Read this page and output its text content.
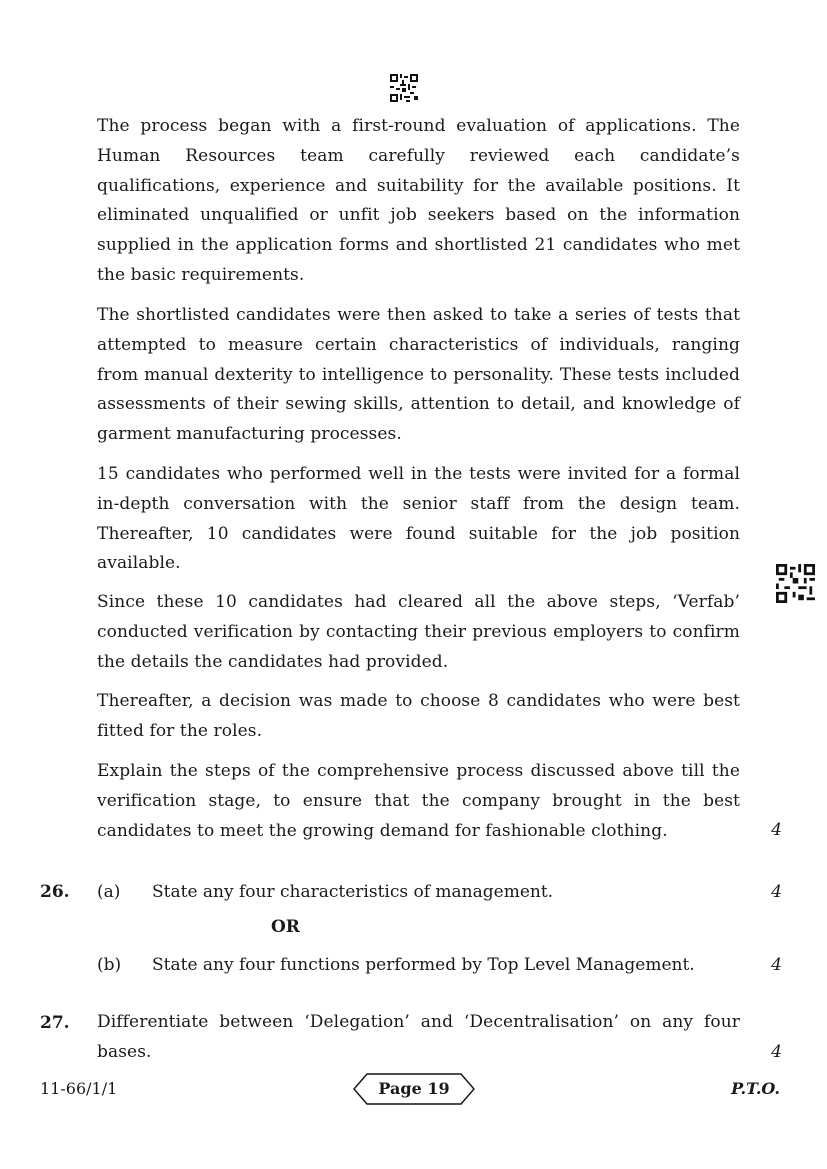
The process began with a first-round evaluation of applications. The Human Resources team carefully reviewed each candidate’s qualifications, experience and suitability for the available positions. It eliminated unqualified or unfit job seekers based on the information supplied in the application forms and shortlisted 21 candidates who met the basic requirements.

The shortlisted candidates were then asked to take a series of tests that attempted to measure certain characteristics of individuals, ranging from manual dexterity to intelligence to personality. These tests included assessments of their sewing skills, attention to detail, and knowledge of garment manufacturing processes.

15 candidates who performed well in the tests were invited for a formal in-depth conversation with the senior staff from the design team. Thereafter, 10 candidates were found suitable for the job position available.

Since these 10 candidates had cleared all the above steps, ‘Verfab’ conducted verification by contacting their previous employers to confirm the details the candidates had provided.

Thereafter, a decision was made to choose 8 candidates who were best fitted for the roles.

Explain the steps of the comprehensive process discussed above till the verification stage, to ensure that the company brought in the best candidates to meet the growing demand for fashionable clothing.	4
26. (a) State any four characteristics of management.	4
OR
(b) State any four functions performed by Top Level Management.	4
27. Differentiate between ‘Delegation’ and ‘Decentralisation’ on any four bases.	4
11-66/1/1	Page 19	P.T.O.
